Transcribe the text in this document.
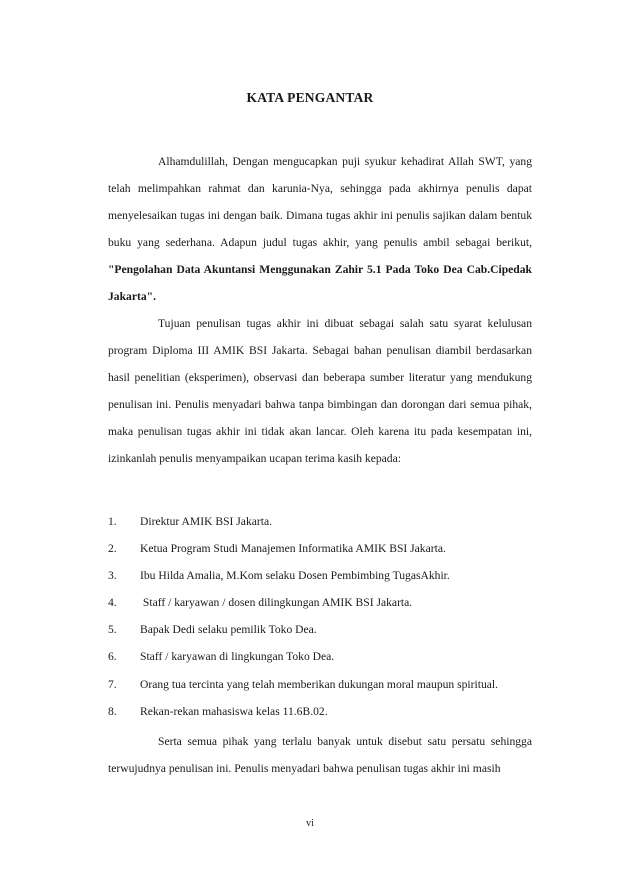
KATA PENGANTAR

Alhamdulillah, Dengan mengucapkan puji syukur kehadirat Allah SWT, yang telah melimpahkan rahmat dan karunia-Nya, sehingga pada akhirnya penulis dapat menyelesaikan tugas ini dengan baik. Dimana tugas akhir ini penulis sajikan dalam bentuk buku yang sederhana. Adapun judul tugas akhir, yang penulis ambil sebagai berikut, "Pengolahan Data Akuntansi Menggunakan Zahir 5.1 Pada Toko Dea Cab.Cipedak Jakarta".

Tujuan penulisan tugas akhir ini dibuat sebagai salah satu syarat kelulusan program Diploma III AMIK BSI Jakarta. Sebagai bahan penulisan diambil berdasarkan hasil penelitian (eksperimen), observasi dan beberapa sumber literatur yang mendukung penulisan ini. Penulis menyadari bahwa tanpa bimbingan dan dorongan dari semua pihak, maka penulisan tugas akhir ini tidak akan lancar. Oleh karena itu pada kesempatan ini, izinkanlah penulis menyampaikan ucapan terima kasih kepada:

1.	Direktur AMIK BSI Jakarta.
2.	Ketua Program Studi Manajemen Informatika AMIK BSI Jakarta.
3.	Ibu Hilda Amalia, M.Kom selaku Dosen Pembimbing TugasAkhir.
4.	Staff / karyawan / dosen dilingkungan AMIK BSI Jakarta.
5.	Bapak Dedi selaku pemilik Toko Dea.
6.	Staff / karyawan di lingkungan Toko Dea.
7.	Orang tua tercinta yang telah memberikan dukungan moral maupun spiritual.
8.	Rekan-rekan mahasiswa kelas 11.6B.02.

Serta semua pihak yang terlalu banyak untuk disebut satu persatu sehingga terwujudnya penulisan ini. Penulis menyadari bahwa penulisan tugas akhir ini masih

vi
